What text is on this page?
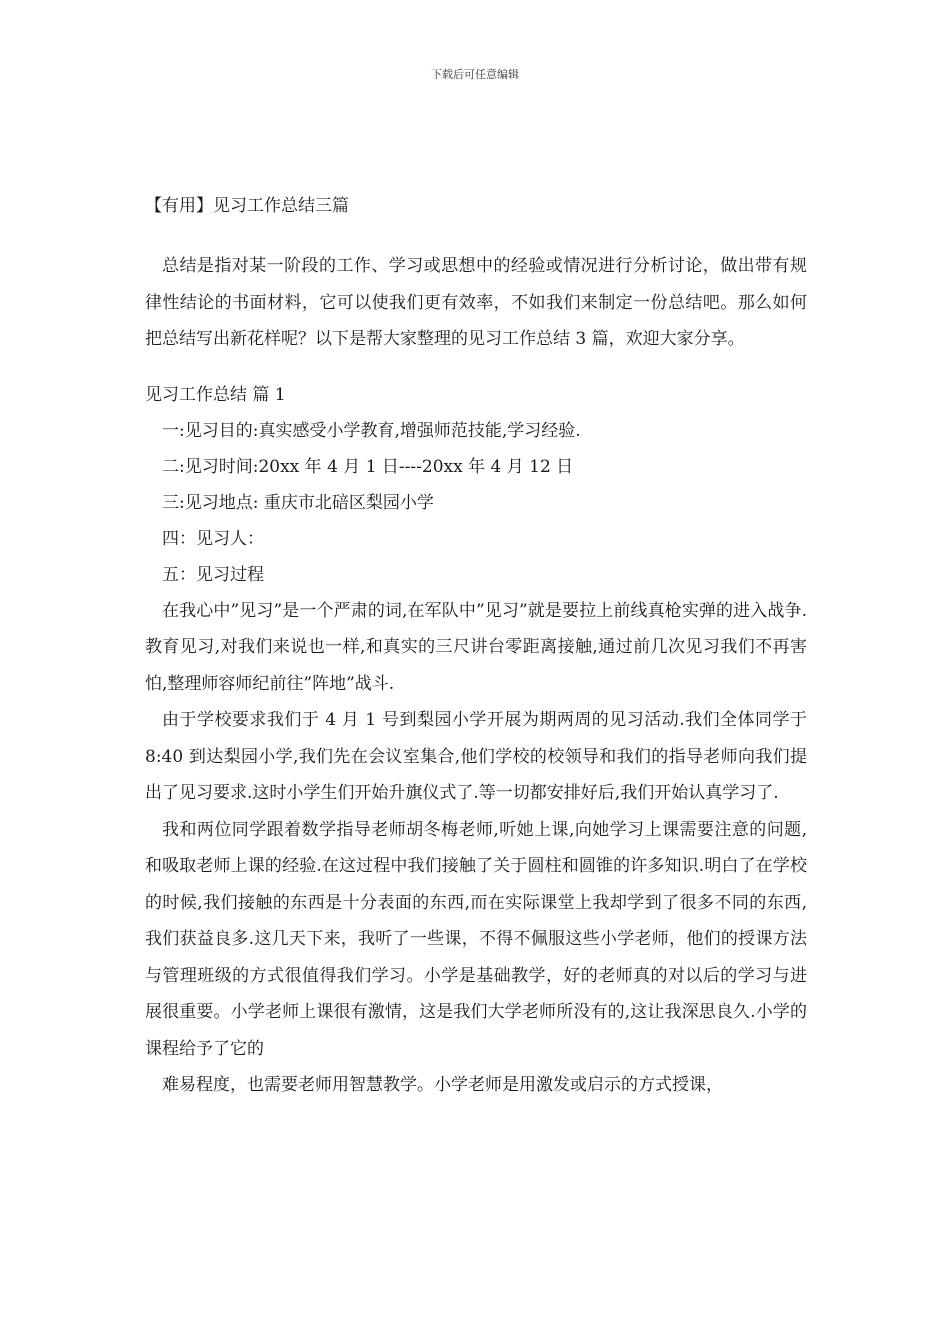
下载后可任意编辑
【有用】见习工作总结三篇

总结是指对某一阶段的工作、学习或思想中的经验或情况进行分析讨论，做出带有规律性结论的书面材料，它可以使我们更有效率，不如我们来制定一份总结吧。那么如何把总结写出新花样呢？以下是帮大家整理的见习工作总结 3 篇，欢迎大家分享。

见习工作总结 篇 1

一:见习目的:真实感受小学教育,增强师范技能,学习经验.

二:见习时间:20xx 年 4 月 1 日----20xx 年 4 月 12 日

三:见习地点: 重庆市北碚区梨园小学

四：见习人：

五：见习过程

在我心中”见习”是一个严肃的词,在军队中”见习”就是要拉上前线真枪实弹的进入战争.教育见习,对我们来说也一样,和真实的三尺讲台零距离接触,通过前几次见习我们不再害怕,整理师容师纪前往”阵地”战斗.

由于学校要求我们于 4 月 1 号到梨园小学开展为期两周的见习活动.我们全体同学于 8:40 到达梨园小学,我们先在会议室集合,他们学校的校领导和我们的指导老师向我们提出了见习要求.这时小学生们开始升旗仪式了.等一切都安排好后,我们开始认真学习了.

我和两位同学跟着数学指导老师胡冬梅老师,听她上课,向她学习上课需要注意的问题,和吸取老师上课的经验.在这过程中我们接触了关于圆柱和圆锥的许多知识.明白了在学校的时候,我们接触的东西是十分表面的东西,而在实际课堂上我却学到了很多不同的东西,我们获益良多.这几天下来，我听了一些课，不得不佩服这些小学老师，他们的授课方法与管理班级的方式很值得我们学习。小学是基础教学，好的老师真的对以后的学习与进展很重要。小学老师上课很有激情，这是我们大学老师所没有的,这让我深思良久.小学的课程给予了它的

难易程度，也需要老师用智慧教学。小学老师是用激发或启示的方式授课，
